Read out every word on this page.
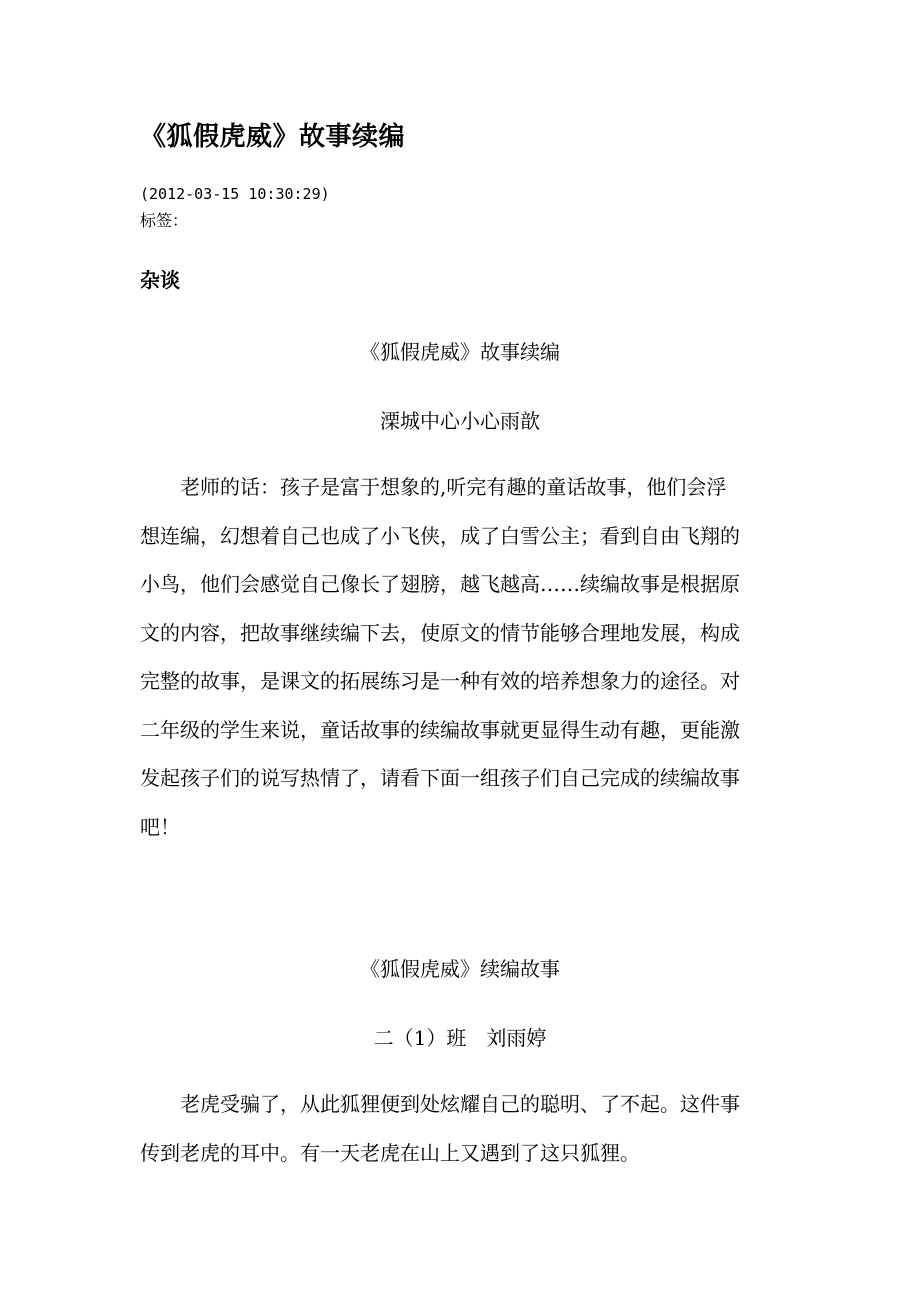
《狐假虎威》故事续编
(2012-03-15 10:30:29)
标签：
杂谈
《狐假虎威》故事续编
溧城中心小心雨歆
　　老师的话：孩子是富于想象的,听完有趣的童话故事，他们会浮
想连编，幻想着自己也成了小飞侠，成了白雪公主；看到自由飞翔的
小鸟，他们会感觉自己像长了翅膀，越飞越高……续编故事是根据原
文的内容，把故事继续编下去，使原文的情节能够合理地发展，构成
完整的故事，是课文的拓展练习是一种有效的培养想象力的途径。对
二年级的学生来说，童话故事的续编故事就更显得生动有趣，更能激
发起孩子们的说写热情了，请看下面一组孩子们自己完成的续编故事
吧！
《狐假虎威》续编故事
二（1）班　刘雨婷
　　老虎受骗了，从此狐狸便到处炫耀自己的聪明、了不起。这件事
传到老虎的耳中。有一天老虎在山上又遇到了这只狐狸。
